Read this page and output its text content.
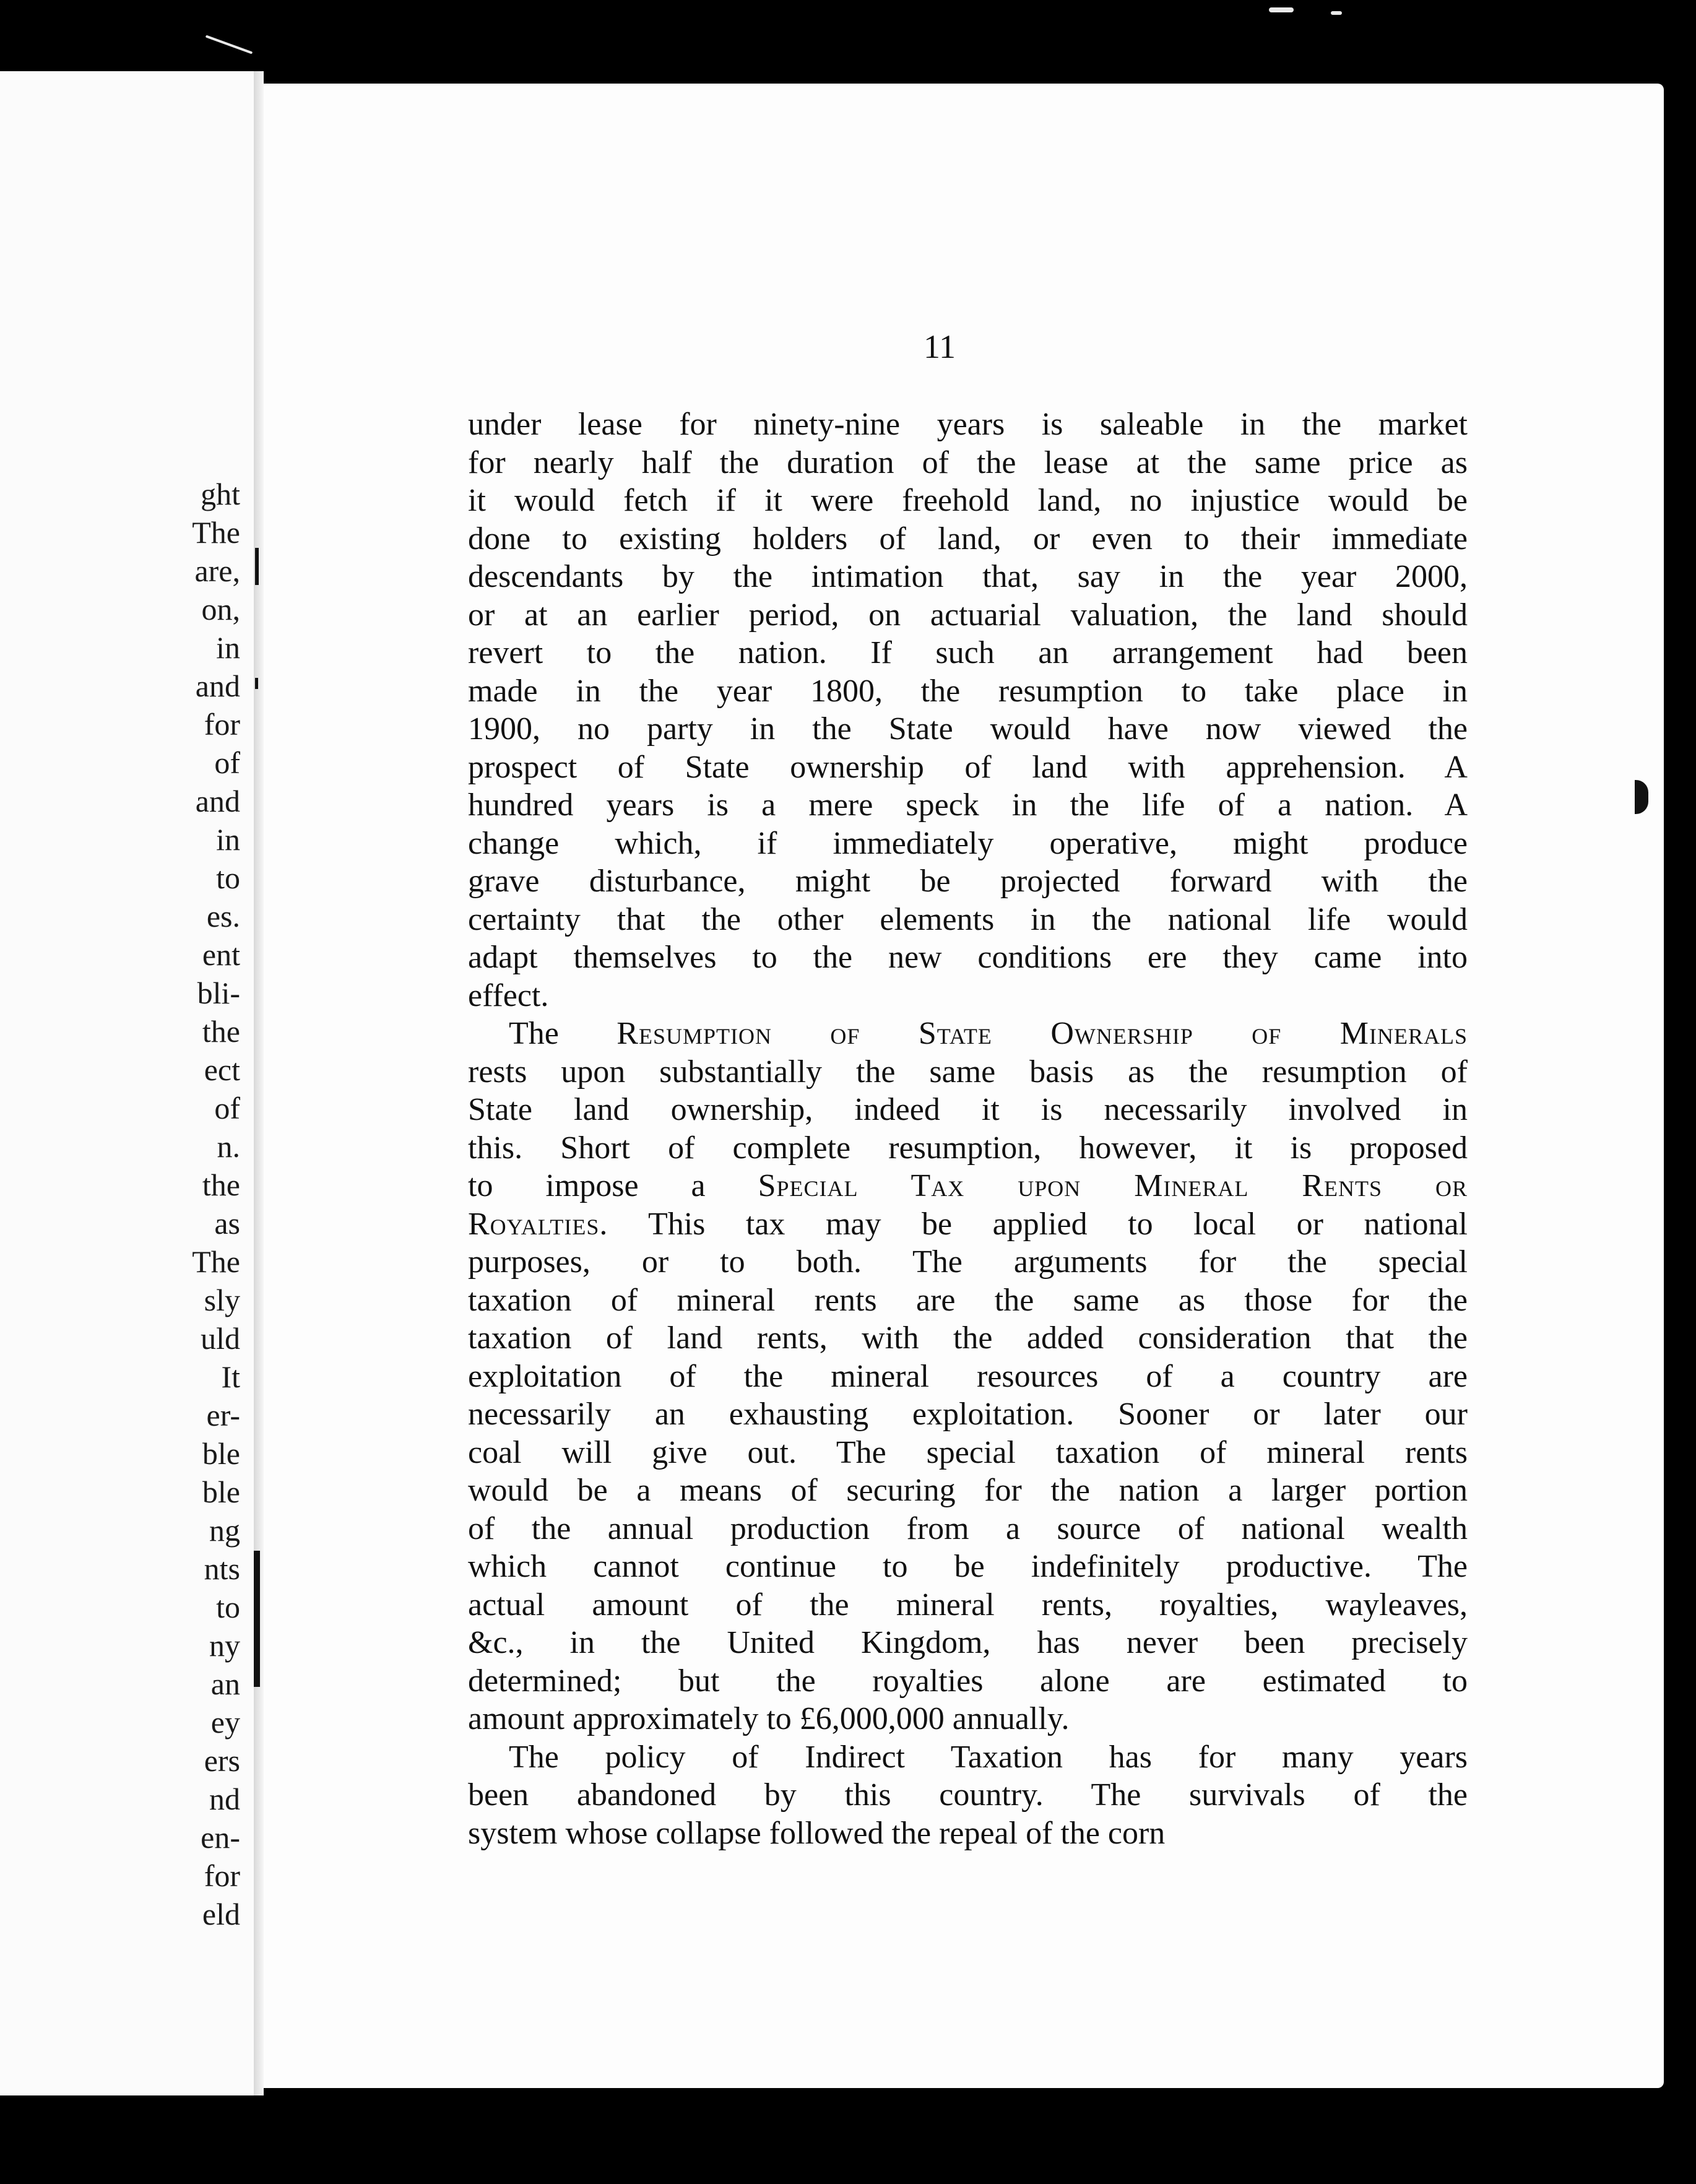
ght
The
are,
on,
in
and
for
of
and
in
to
es.
ent
bli-
the
ect
of
n.
the
as
The
sly
uld
It
er-
ble
ble
ng
nts
to
ny
an
ey
ers
nd
en-
for
eld
11
under lease for ninety-nine years is saleable in the market
for nearly half the duration of the lease at the same price as
it would fetch if it were freehold land, no injustice would be
done to existing holders of land, or even to their immediate
descendants by the intimation that, say in the year 2000,
or at an earlier period, on actuarial valuation, the land should
revert to the nation. If such an arrangement had been
made in the year 1800, the resumption to take place in
1900, no party in the State would have now viewed the
prospect of State ownership of land with apprehension. A
hundred years is a mere speck in the life of a nation. A
change which, if immediately operative, might produce
grave disturbance, might be projected forward with the
certainty that the other elements in the national life would
adapt themselves to the new conditions ere they came into
effect.
The Resumption of State Ownership of Minerals
rests upon substantially the same basis as the resumption of
State land ownership, indeed it is necessarily involved in
this. Short of complete resumption, however, it is proposed
to impose a Special Tax upon Mineral Rents or
Royalties. This tax may be applied to local or national
purposes, or to both. The arguments for the special
taxation of mineral rents are the same as those for the
taxation of land rents, with the added consideration that the
exploitation of the mineral resources of a country are
necessarily an exhausting exploitation. Sooner or later our
coal will give out. The special taxation of mineral rents
would be a means of securing for the nation a larger portion
of the annual production from a source of national wealth
which cannot continue to be indefinitely productive. The
actual amount of the mineral rents, royalties, wayleaves,
&c., in the United Kingdom, has never been precisely
determined; but the royalties alone are estimated to
amount approximately to £6,000,000 annually.
The policy of Indirect Taxation has for many years
been abandoned by this country. The survivals of the
system whose collapse followed the repeal of the corn
